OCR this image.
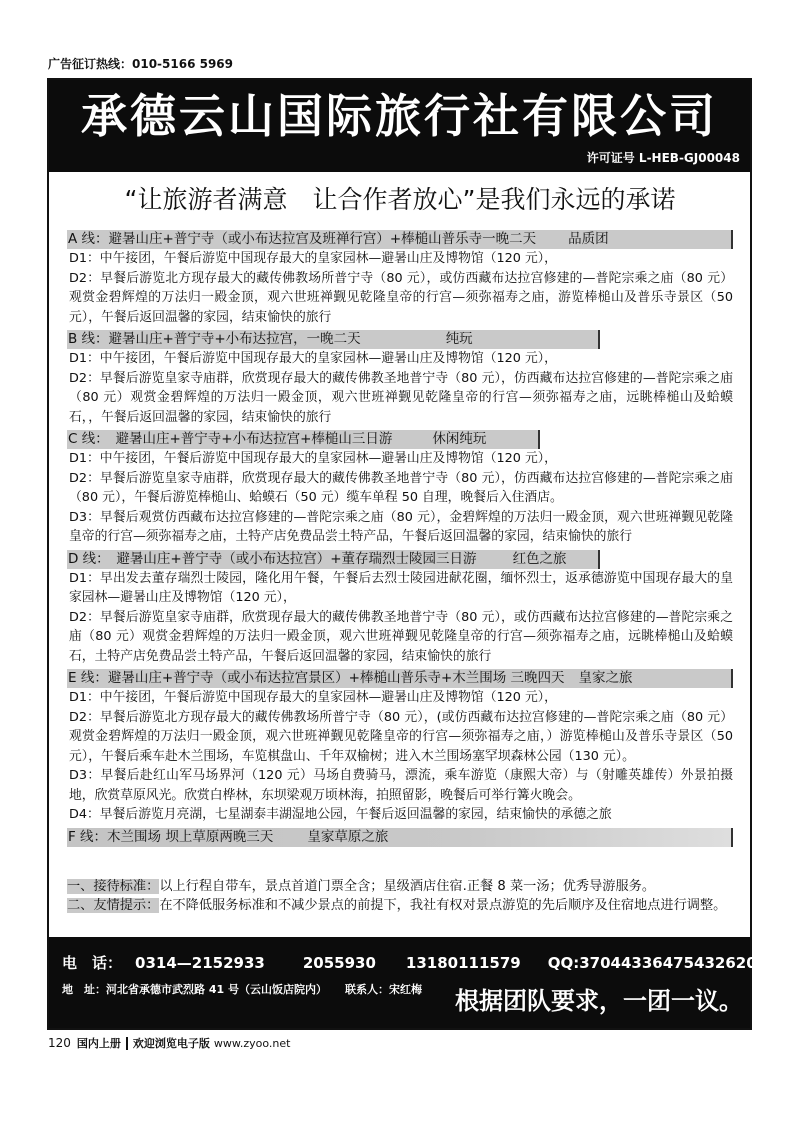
广告征订热线：010-5166 5969
承德云山国际旅行社有限公司
许可证号 L-HEB-GJ00048
“让旅游者满意　让合作者放心”是我们永远的承诺
A 线：避暑山庄+普宁寺（或小布达拉宫及班禅行宫）+棒槌山普乐寺一晚二天 品质团

D1：中午接团，午餐后游览中国现存最大的皇家园林—避暑山庄及博物馆（120 元），

D2：早餐后游览北方现存最大的藏传佛教场所普宁寺（80 元），或仿西藏布达拉宫修建的—普陀宗乘之庙（80 元）观赏金碧辉煌的万法归一殿金顶，观六世班禅觐见乾隆皇帝的行宫—须弥福寿之庙，游览棒槌山及普乐寺景区（50 元），午餐后返回温馨的家园，结束愉快的旅行

B 线：避暑山庄+普宁寺+小布达拉宫，一晚二天	纯玩

D1：中午接团，午餐后游览中国现存最大的皇家园林—避暑山庄及博物馆（120 元），

D2：早餐后游览皇家寺庙群，欣赏现存最大的藏传佛教圣地普宁寺（80 元），仿西藏布达拉宫修建的—普陀宗乘之庙（80 元）观赏金碧辉煌的万法归一殿金顶，观六世班禅觐见乾隆皇帝的行宫—须弥福寿之庙，远眺棒槌山及蛤蟆石，，午餐后返回温馨的家园，结束愉快的旅行

C 线：　避暑山庄+普宁寺+小布达拉宫+棒槌山三日游	休闲纯玩

D1：中午接团，午餐后游览中国现存最大的皇家园林—避暑山庄及博物馆（120 元），

D2：早餐后游览皇家寺庙群，欣赏现存最大的藏传佛教圣地普宁寺（80 元），仿西藏布达拉宫修建的—普陀宗乘之庙（80 元），午餐后游览棒槌山、蛤蟆石（50 元）缆车单程 50 自理，晚餐后入住酒店。

D3：早餐后观赏仿西藏布达拉宫修建的—普陀宗乘之庙（80 元），金碧辉煌的万法归一殿金顶，观六世班禅觐见乾隆皇帝的行宫—须弥福寿之庙，土特产店免费品尝土特产品，午餐后返回温馨的家园，结束愉快的旅行

D 线：　避暑山庄+普宁寺（或小布达拉宫）+董存瑞烈士陵园三日游	红色之旅

D1：早出发去董存瑞烈士陵园，隆化用午餐，午餐后去烈士陵园进献花圈，缅怀烈士，返承德游览中国现存最大的皇家园林—避暑山庄及博物馆（120 元），

D2：早餐后游览皇家寺庙群，欣赏现存最大的藏传佛教圣地普宁寺（80 元），或仿西藏布达拉宫修建的—普陀宗乘之庙（80 元）观赏金碧辉煌的万法归一殿金顶，观六世班禅觐见乾隆皇帝的行宫—须弥福寿之庙，远眺棒槌山及蛤蟆石，土特产店免费品尝土特产品，午餐后返回温馨的家园，结束愉快的旅行

E 线：避暑山庄+普宁寺（或小布达拉宫景区）+棒槌山普乐寺+木兰围场 三晚四天 皇家之旅

D1：中午接团，午餐后游览中国现存最大的皇家园林—避暑山庄及博物馆（120 元），

D2：早餐后游览北方现存最大的藏传佛教场所普宁寺（80 元），(或仿西藏布达拉宫修建的—普陀宗乘之庙（80 元）观赏金碧辉煌的万法归一殿金顶，观六世班禅觐见乾隆皇帝的行宫—须弥福寿之庙，）游览棒槌山及普乐寺景区（50 元），午餐后乘车赴木兰围场，车览棋盘山、千年双榆树；进入木兰围场塞罕坝森林公园（130 元）。

D3：早餐后赴红山军马场界河（120 元）马场自费骑马，漂流，乘车游览（康熙大帝）与（射雕英雄传）外景拍摄地，欣赏草原风光。欣赏白桦林，东坝梁观万顷林海，拍照留影，晚餐后可举行篝火晚会。

D4：早餐后游览月亮湖，七星湖泰丰湖湿地公园，午餐后返回温馨的家园，结束愉快的承德之旅

F 线：木兰围场 坝上草原两晚三天	皇家草原之旅

一、接待标准：以上行程自带车，景点首道门票全含；星级酒店住宿.正餐 8 菜一汤；优秀导游服务。

二、友情提示：在不降低服务标准和不减少景点的前提下，我社有权对景点游览的先后顺序及住宿地点进行调整。

电　话： 0314—2152933	2055930 13180111579 QQ:370443364754326207
地　址：河北省承德市武烈路 41 号（云山饭店院内） 联系人：宋红梅 根据团队要求，一团一议。
120 国内上册 欢迎浏览电子版 www.zyoo.net
